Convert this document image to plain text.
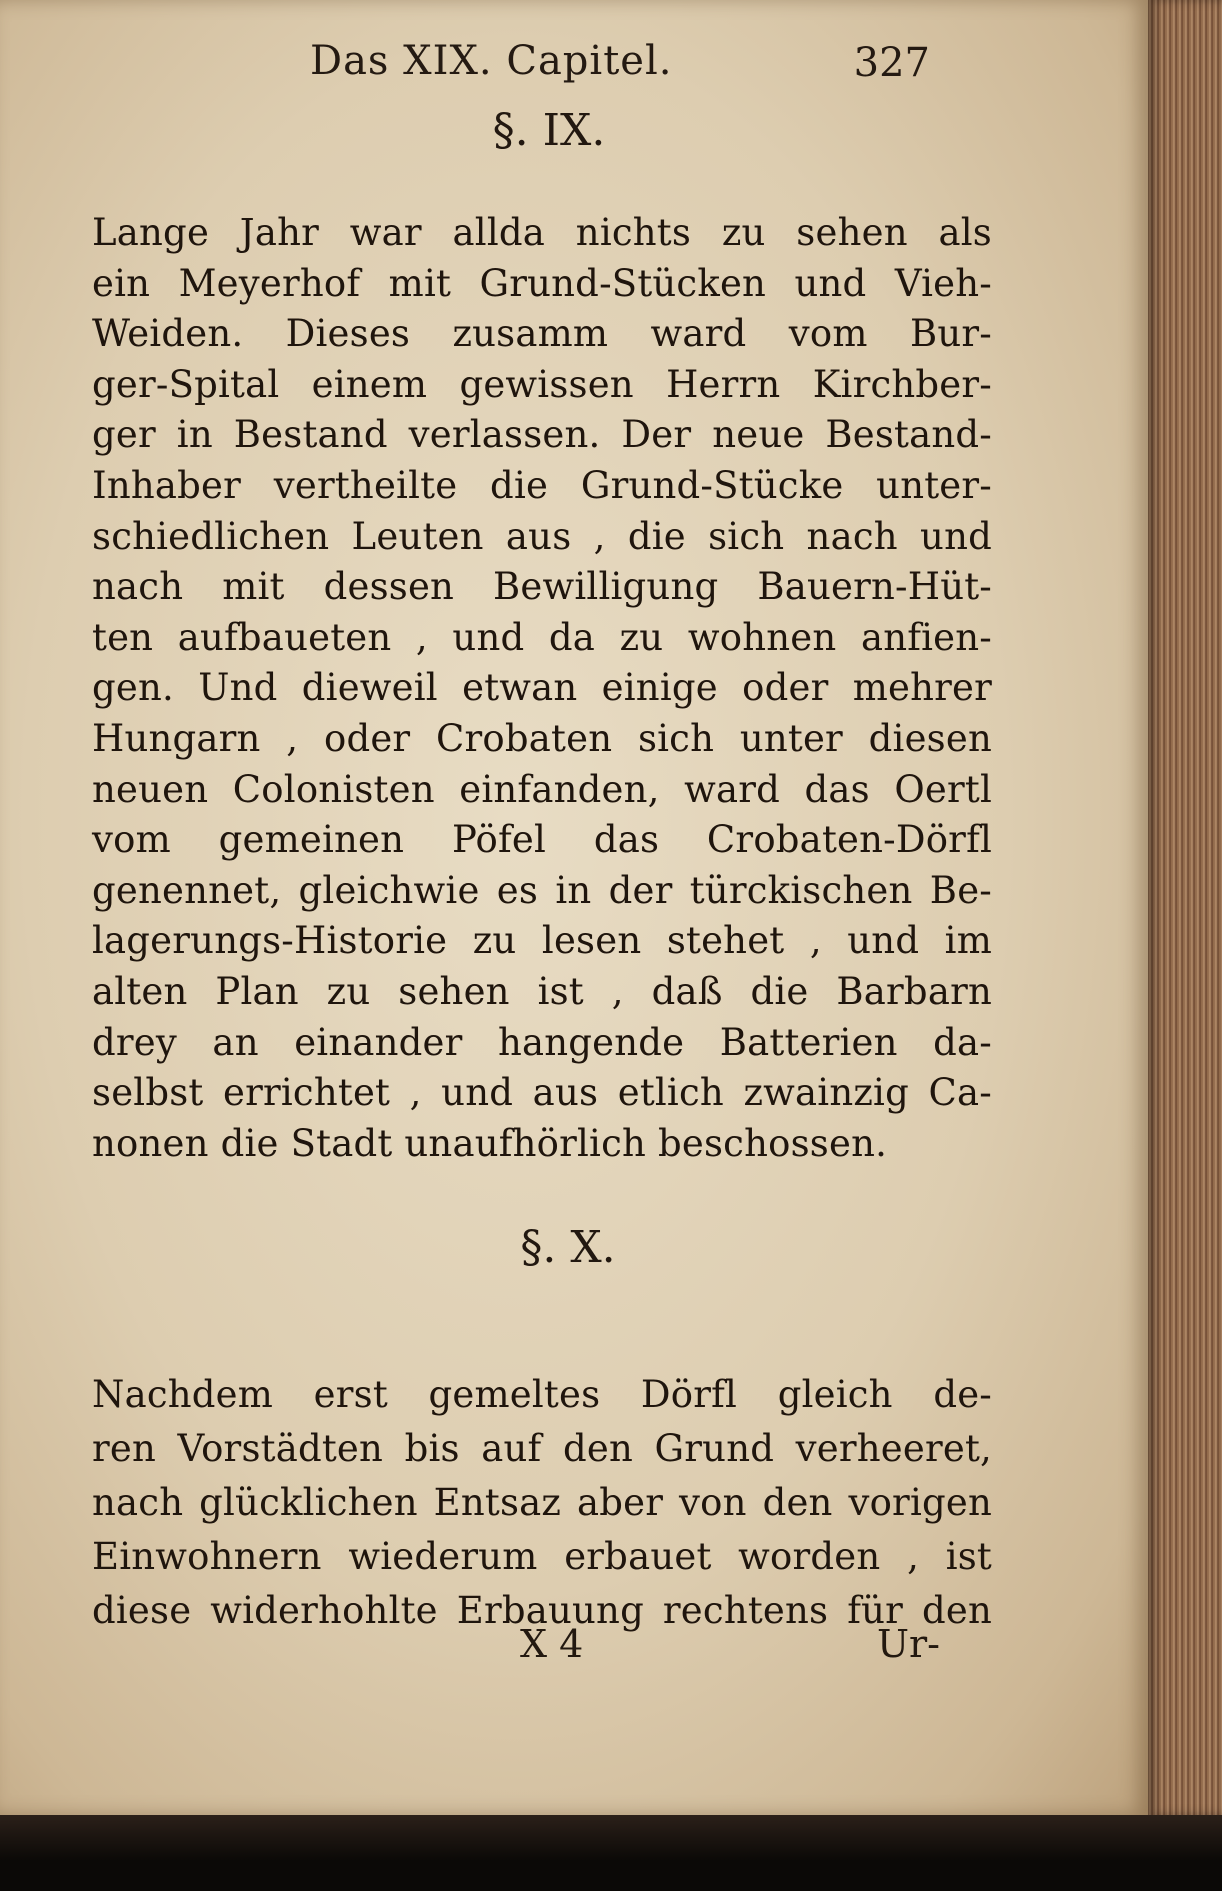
Das XIX. Capitel.	327
§. IX.
Lange Jahr war allda nichts zu sehen als
ein Meyerhof mit Grund-Stücken und Vieh-
Weiden. Dieses zusamm ward vom Bur-
ger-Spital einem gewissen Herrn Kirchber-
ger in Bestand verlassen. Der neue Bestand-
Inhaber vertheilte die Grund-Stücke unter-
schiedlichen Leuten aus , die sich nach und
nach mit dessen Bewilligung Bauern-Hüt-
ten aufbaueten , und da zu wohnen anfien-
gen. Und dieweil etwan einige oder mehrer
Hungarn , oder Crobaten sich unter diesen
neuen Colonisten einfanden, ward das Oertl
vom gemeinen Pöfel das Crobaten-Dörfl
genennet, gleichwie es in der türckischen Be-
lagerungs-Historie zu lesen stehet , und im
alten Plan zu sehen ist , daß die Barbarn
drey an einander hangende Batterien da-
selbst errichtet , und aus etlich zwainzig Ca-
nonen die Stadt unaufhörlich beschossen.
§. X.
Nachdem erst gemeltes Dörfl gleich de-
ren Vorstädten bis auf den Grund verheeret,
nach glücklichen Entsaz aber von den vorigen
Einwohnern wiederum erbauet worden , ist
diese widerhohlte Erbauung rechtens für den
X 4	Ur-
